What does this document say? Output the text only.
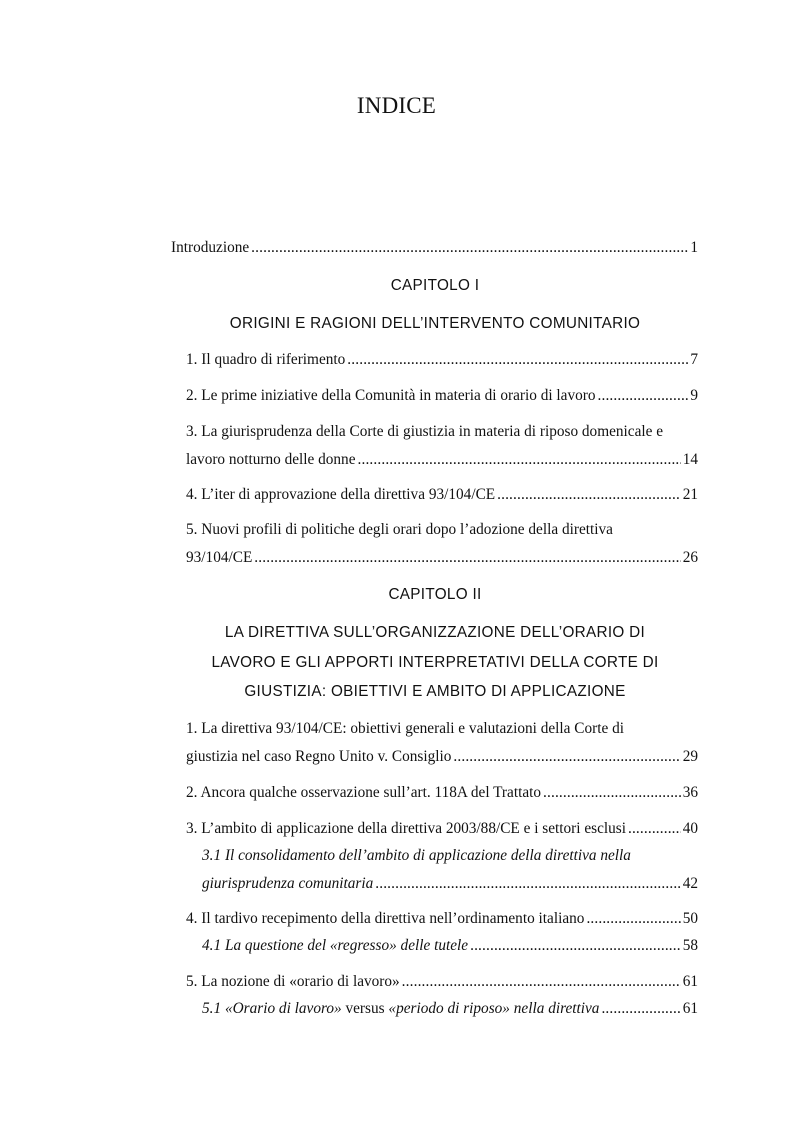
INDICE
Introduzione .....	1
CAPITOLO I
ORIGINI E RAGIONI DELL’INTERVENTO COMUNITARIO
1. Il quadro di riferimento .....	7
2. Le prime iniziative della Comunità in materia di orario di lavoro .....	9
3. La giurisprudenza della Corte di giustizia in materia di riposo domenicale e
lavoro notturno delle donne .....	14
4. L’iter di approvazione della direttiva 93/104/CE .....	21
5. Nuovi profili di politiche degli orari dopo l’adozione della direttiva
93/104/CE .....	26
CAPITOLO II
LA DIRETTIVA SULL’ORGANIZZAZIONE DELL’ORARIO DI
LAVORO E GLI APPORTI INTERPRETATIVI DELLA CORTE DI
GIUSTIZIA: OBIETTIVI E AMBITO DI APPLICAZIONE
1. La direttiva 93/104/CE: obiettivi generali e valutazioni della Corte di
giustizia nel caso Regno Unito v. Consiglio .....	29
2. Ancora qualche osservazione sull’art. 118A del Trattato .....	36
3. L’ambito di applicazione della direttiva 2003/88/CE e i settori esclusi .....	40
3.1 Il consolidamento dell’ambito di applicazione della direttiva nella
giurisprudenza comunitaria .....	42
4. Il tardivo recepimento della direttiva nell’ordinamento italiano .....	50
4.1 La questione del «regresso» delle tutele .....	58
5. La nozione di «orario di lavoro» .....	61
5.1 «Orario di lavoro» versus «periodo di riposo» nella direttiva .....	61
